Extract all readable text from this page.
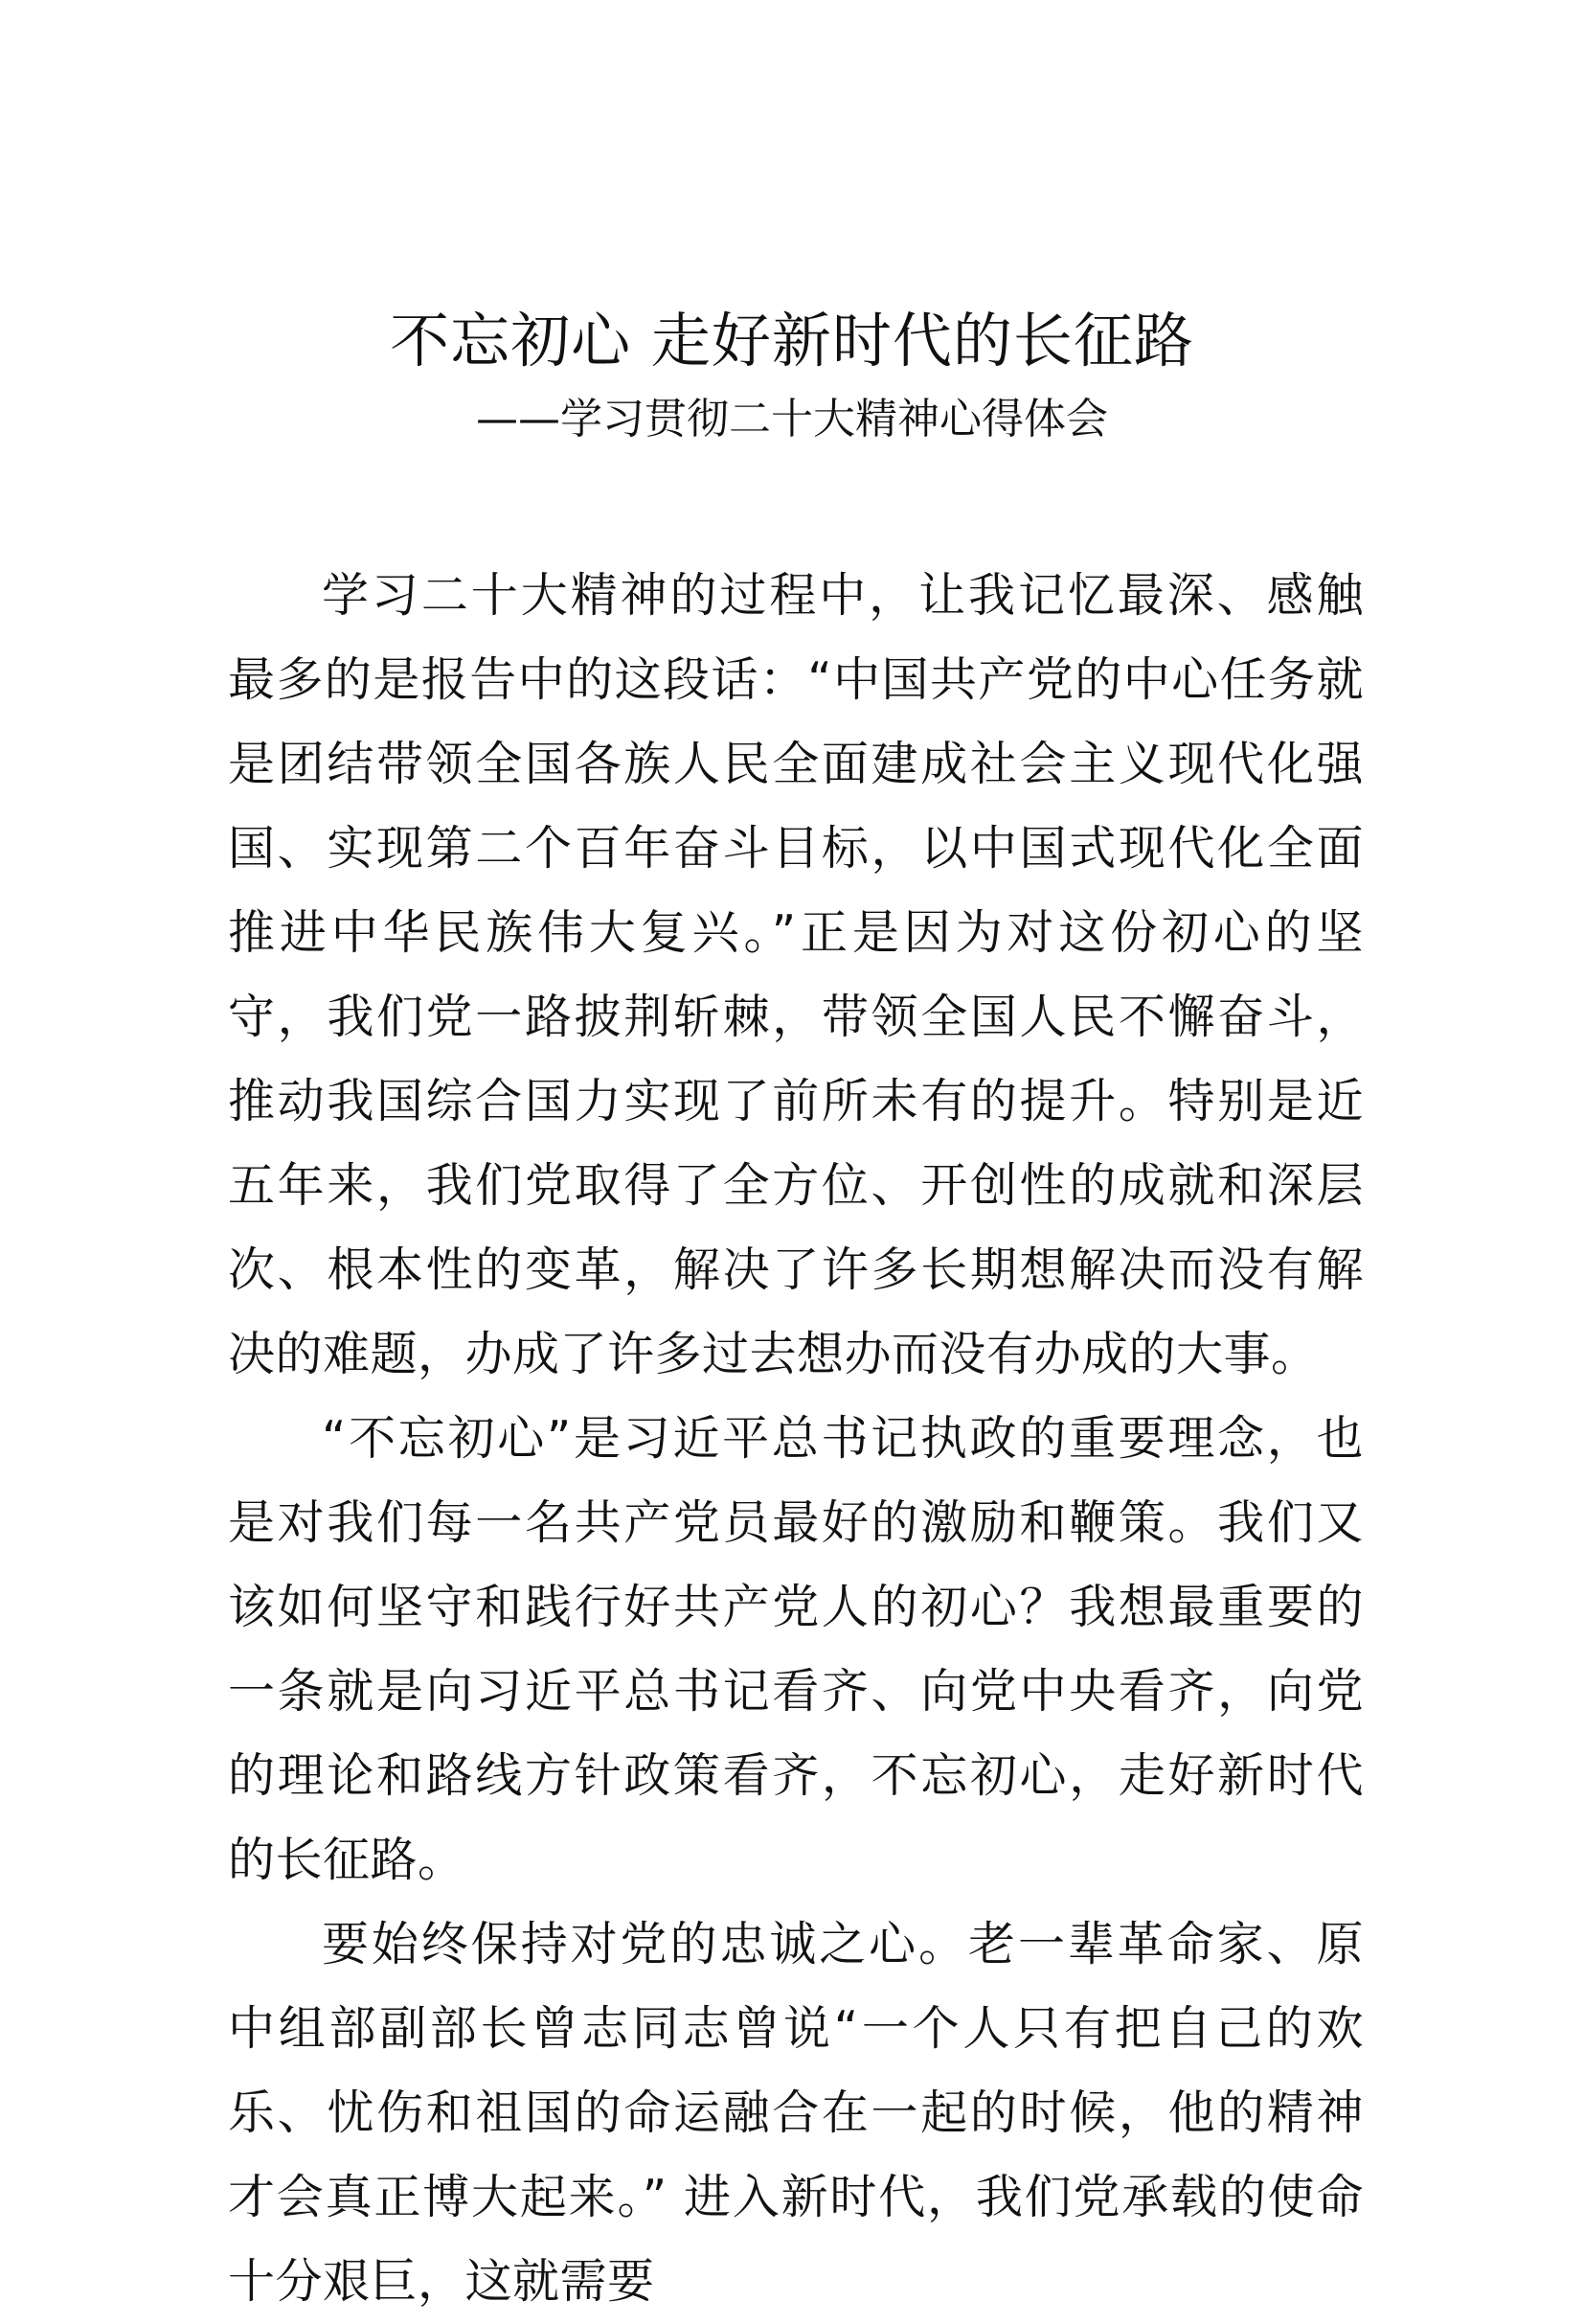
不忘初心 走好新时代的长征路
——学习贯彻二十大精神心得体会

学习二十大精神的过程中，让我记忆最深、感触最多的是报告中的这段话：“中国共产党的中心任务就是团结带领全国各族人民全面建成社会主义现代化强国、实现第二个百年奋斗目标，以中国式现代化全面推进中华民族伟大复兴。”正是因为对这份初心的坚守，我们党一路披荆斩棘，带领全国人民不懈奋斗，推动我国综合国力实现了前所未有的提升。特别是近五年来，我们党取得了全方位、开创性的成就和深层次、根本性的变革，解决了许多长期想解决而没有解决的难题，办成了许多过去想办而没有办成的大事。

“不忘初心”是习近平总书记执政的重要理念，也是对我们每一名共产党员最好的激励和鞭策。我们又该如何坚守和践行好共产党人的初心？我想最重要的一条就是向习近平总书记看齐、向党中央看齐，向党的理论和路线方针政策看齐，不忘初心，走好新时代的长征路。

要始终保持对党的忠诚之心。老一辈革命家、原中组部副部长曾志同志曾说“一个人只有把自己的欢乐、忧伤和祖国的命运融合在一起的时候，他的精神才会真正博大起来。” 进入新时代，我们党承载的使命十分艰巨，这就需要
